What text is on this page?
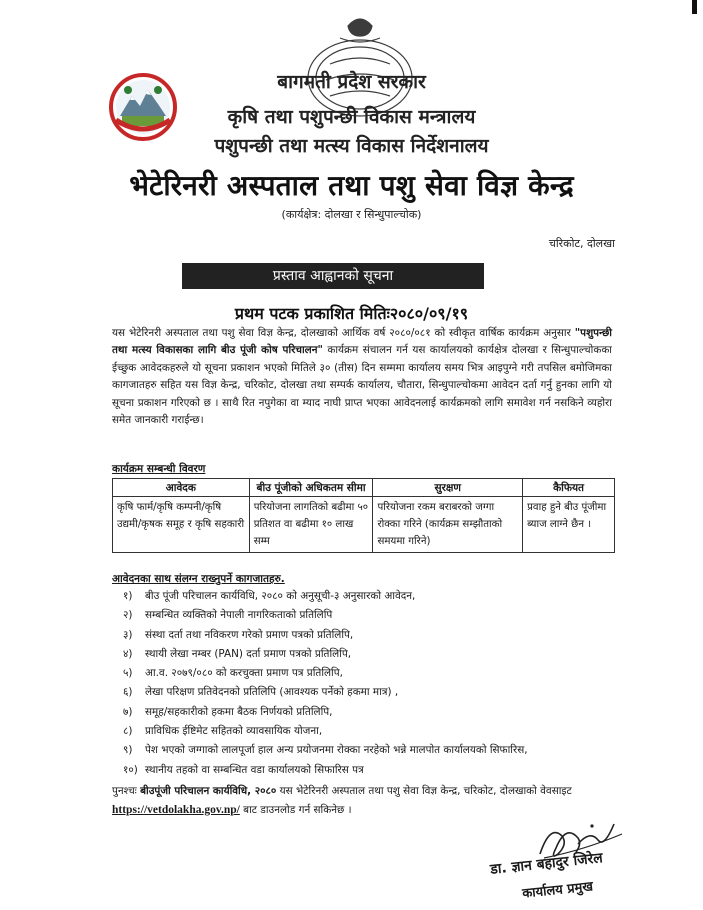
बागमती प्रदेश सरकार
कृषि तथा पशुपन्छी विकास मन्त्रालय
पशुपन्छी तथा मत्स्य विकास निर्देशनालय
भेटेरिनरी अस्पताल तथा पशु सेवा विज्ञ केन्द्र
(कार्यक्षेत्र: दोलखा र सिन्धुपाल्चोक)
चरिकोट, दोलखा
प्रस्ताव आह्वानको सूचना
प्रथम पटक प्रकाशित मितिः२०८०/०९/१९
यस भेटेरिनरी अस्पताल तथा पशु सेवा विज्ञ केन्द्र, दोलखाको आर्थिक वर्ष २०८०/०८१ को स्वीकृत वार्षिक कार्यक्रम अनुसार "पशुपन्छी तथा मत्स्य विकासका लागि बीउ पूंजी कोष परिचालन" कार्यक्रम संचालन गर्न यस कार्यालयको कार्यक्षेत्र दोलखा र सिन्धुपाल्चोकका ईच्छुक आवेदकहरुले यो सूचना प्रकाशन भएको मितिले ३० (तीस) दिन सम्ममा कार्यालय समय भित्र आइपुग्ने गरी तपसिल बमोजिमका कागजातहरु सहित यस विज्ञ केन्द्र, चरिकोट, दोलखा तथा सम्पर्क कार्यालय, चौतारा, सिन्धुपाल्चोकमा आवेदन दर्ता गर्नु हुनका लागि यो सूचना प्रकाशन गरिएको छ । साथै रित नपुगेका वा म्याद नाघी प्राप्त भएका आवेदनलाई कार्यक्रमको लागि समावेश गर्न नसकिने व्यहोरा समेत जानकारी गराईन्छ।
कार्यक्रम सम्बन्धी विवरण
आवेदक	बीउ पूंजीको अधिकतम सीमा	सुरक्षण	कैफियत
कृषि फार्म/कृषि कम्पनी/कृषि उद्यमी/कृषक समूह र कृषि सहकारी	परियोजना लागतिको बढीमा ५० प्रतिशत वा बढीमा १० लाख सम्म	परियोजना रकम बराबरको जग्गा रोक्का गरिने (कार्यक्रम सम्झौताको समयमा गरिने)	प्रवाह हुने बीउ पूंजीमा ब्याज लाग्ने छैन ।
आवेदनका साथ संलग्न राख्नुपर्ने कागजातहरु.
१) बीउ पूंजी परिचालन कार्यविधि, २०८० को अनुसूची-३ अनुसारको आवेदन,
२) सम्बन्धित व्यक्तिको नेपाली नागरिकताको प्रतिलिपि
३) संस्था दर्ता तथा नविकरण गरेको प्रमाण पत्रको प्रतिलिपि,
४) स्थायी लेखा नम्बर (PAN) दर्ता प्रमाण पत्रको प्रतिलिपि,
५) आ.व. २०७९/०८० को करचुक्ता प्रमाण पत्र प्रतिलिपि,
६) लेखा परिक्षण प्रतिवेदनको प्रतिलिपि (आवश्यक पर्नेको हकमा मात्र) ,
७) समूह/सहकारीको हकमा बैठक निर्णयको प्रतिलिपि,
८) प्राविधिक ईष्टिमेट सहितको व्यावसायिक योजना,
९) पेश भएको जग्गाको लालपूर्जा हाल अन्य प्रयोजनमा रोक्का नरहेको भन्ने मालपोत कार्यालयको सिफारिस,
१०) स्थानीय तहको वा सम्बन्धित वडा कार्यालयको सिफारिस पत्र
पुनश्चः बीउपूंजी परिचालन कार्यविधि, २०८० यस भेटेरिनरी अस्पताल तथा पशु सेवा विज्ञ केन्द्र, चरिकोट, दोलखाको वेवसाइट https://vetdolakha.gov.np/ बाट डाउनलोड गर्न सकिनेछ ।
डा. ज्ञान बहादुर जिरेल
कार्यालय प्रमुख
